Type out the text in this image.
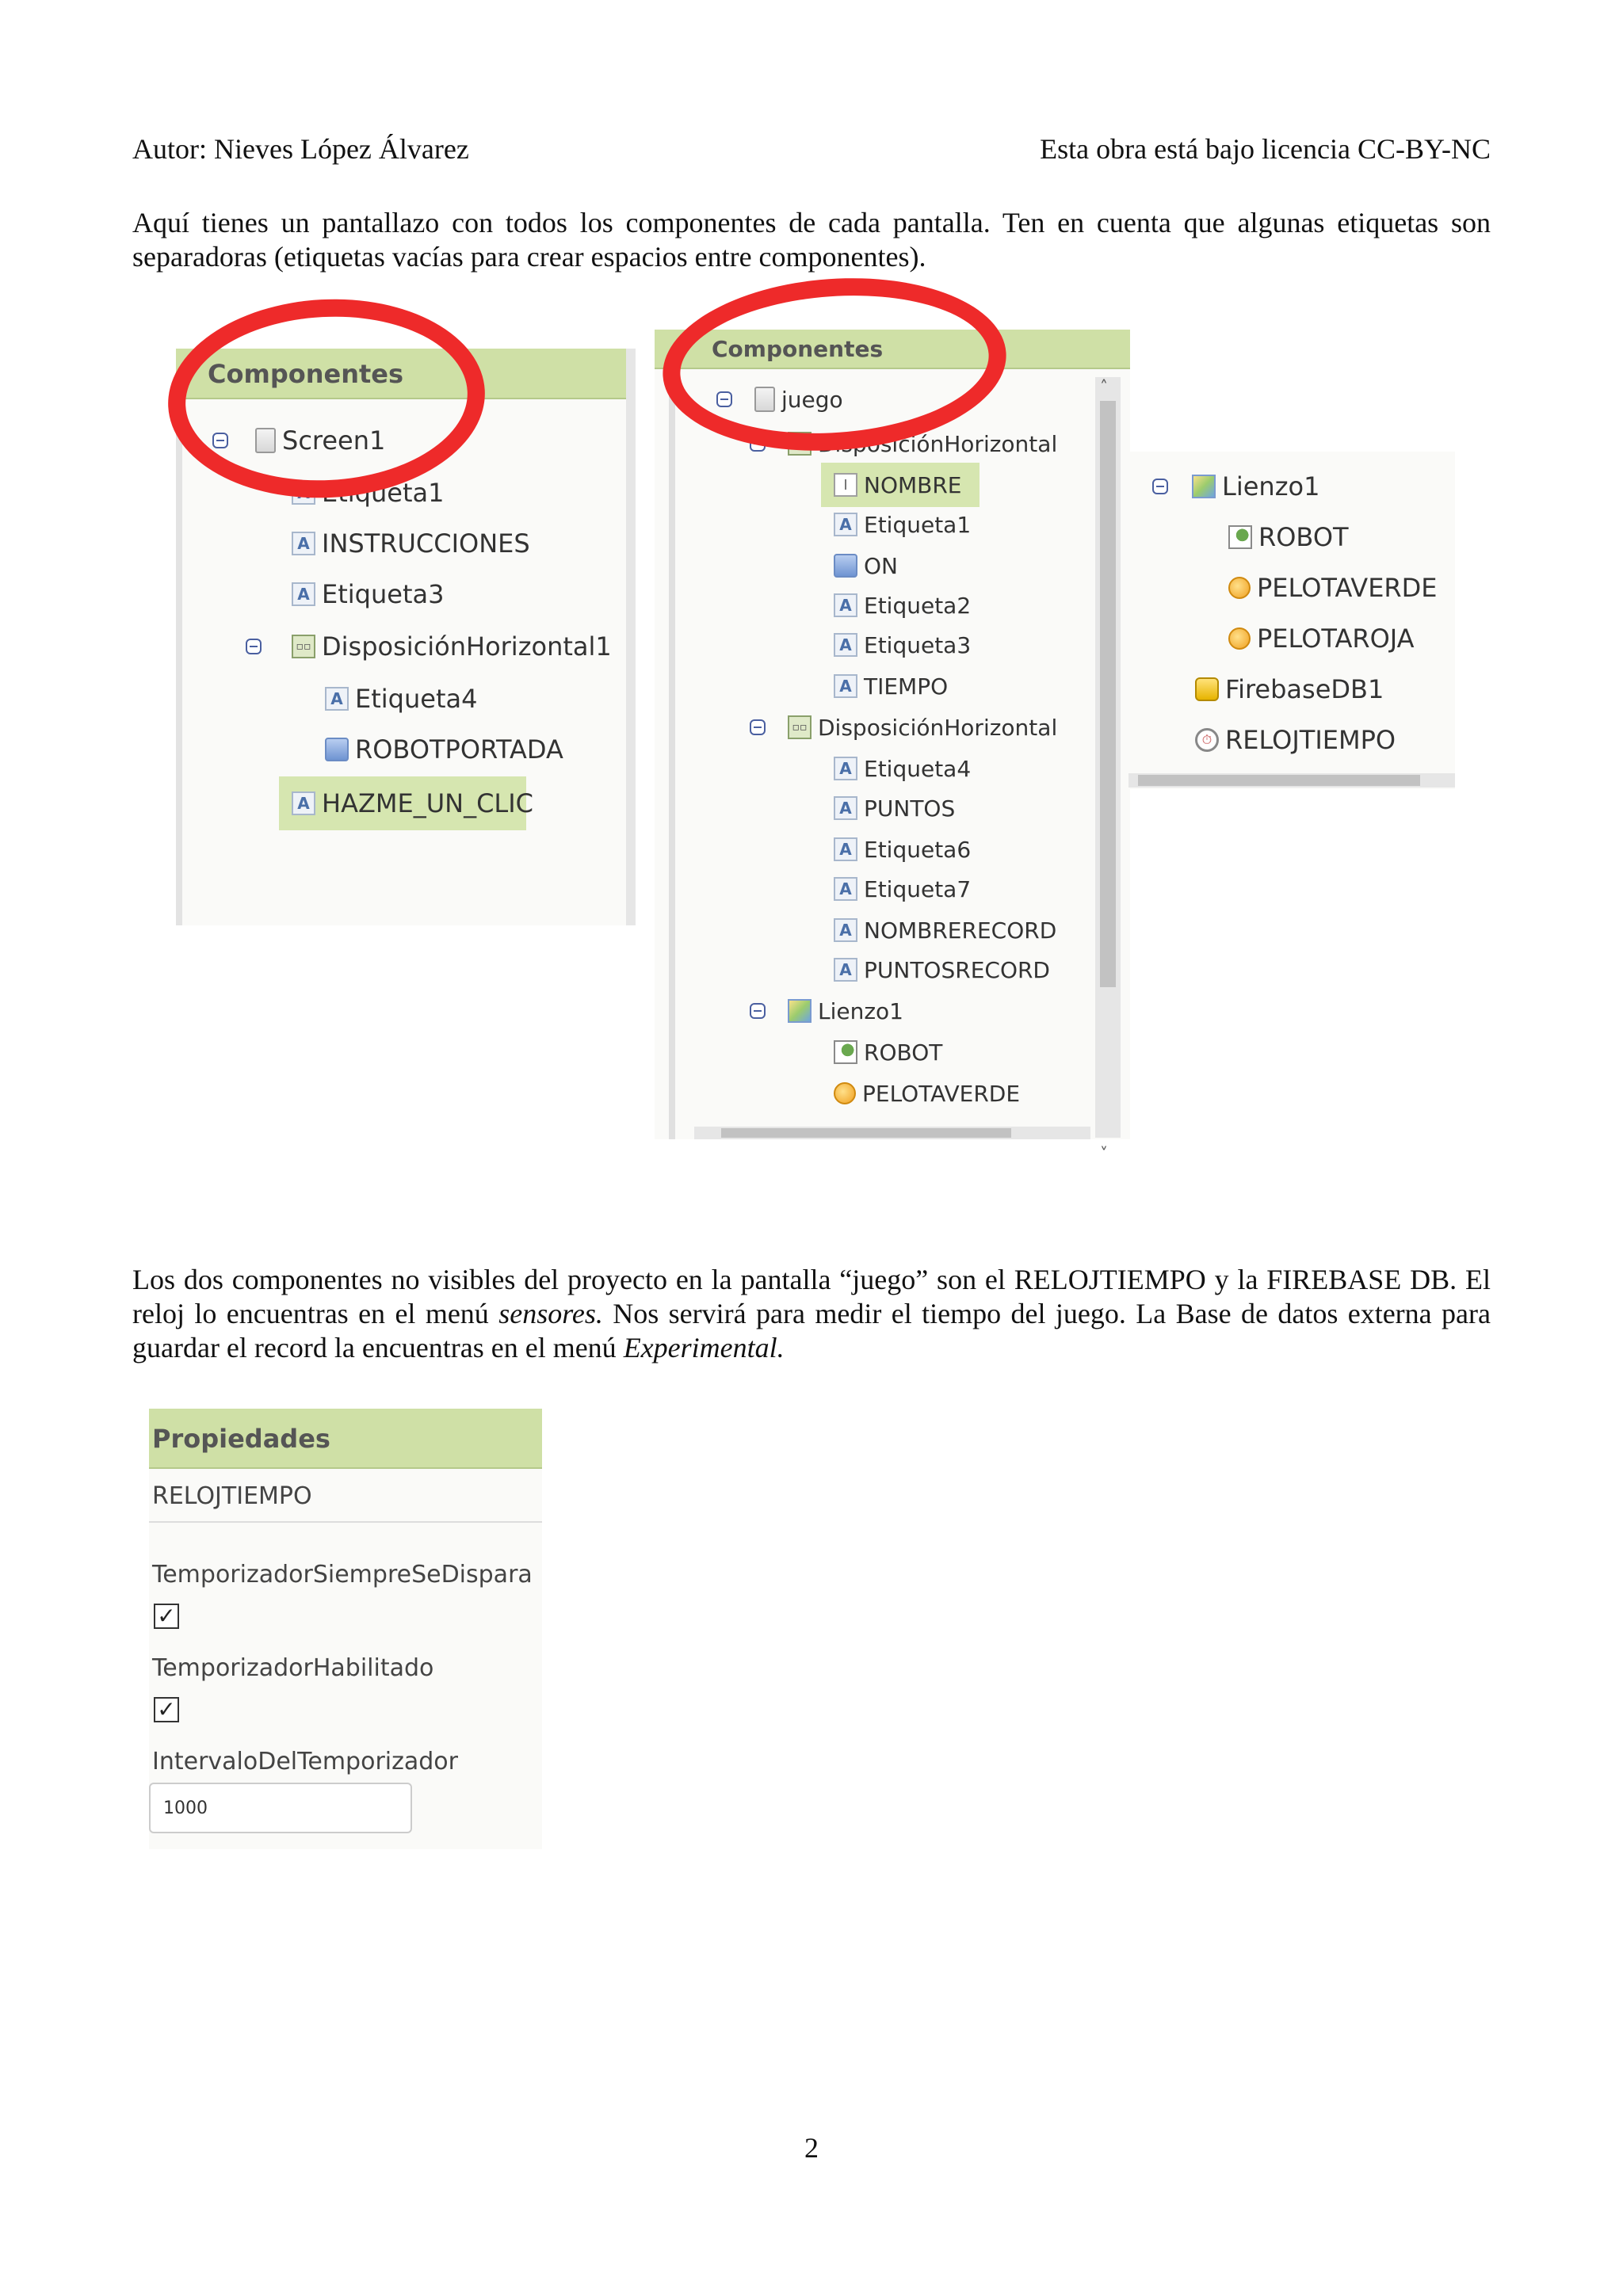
Autor: Nieves López Álvarez	Esta obra está bajo licencia CC-BY-NC

Aquí tienes un pantallazo con todos los componentes de cada pantalla. Ten en cuenta que algunas etiquetas son separadoras (etiquetas vacías para crear espacios entre componentes).

Componentes
Screen1
A Etiqueta1
A INSTRUCCIONES
A Etiqueta3
▫▫ DisposiciónHorizontal1
A Etiqueta4
ROBOTPORTADA
A HAZME_UN_CLIC
Componentes
˄
˅
juego
▫▫ DisposiciónHorizontal
I NOMBRE
A Etiqueta1
ON
A Etiqueta2
A Etiqueta3
A TIEMPO
▫▫ DisposiciónHorizontal
A Etiqueta4
A PUNTOS
A Etiqueta6
A Etiqueta7
A NOMBRERECORD
A PUNTOSRECORD
Lienzo1
ROBOT
PELOTAVERDE
Lienzo1
ROBOT
PELOTAVERDE
PELOTAROJA
FirebaseDB1
⏱ RELOJTIEMPO

Los dos componentes no visibles del proyecto en la pantalla “juego” son el RELOJTIEMPO y la FIREBASE DB. El reloj lo encuentras en el menú sensores. Nos servirá para medir el tiempo del juego. La Base de datos externa para guardar el record la encuentras en el menú Experimental.

Propiedades
RELOJTIEMPO
TemporizadorSiempreSeDispara
✓
TemporizadorHabilitado
✓
IntervaloDelTemporizador
1000
2
